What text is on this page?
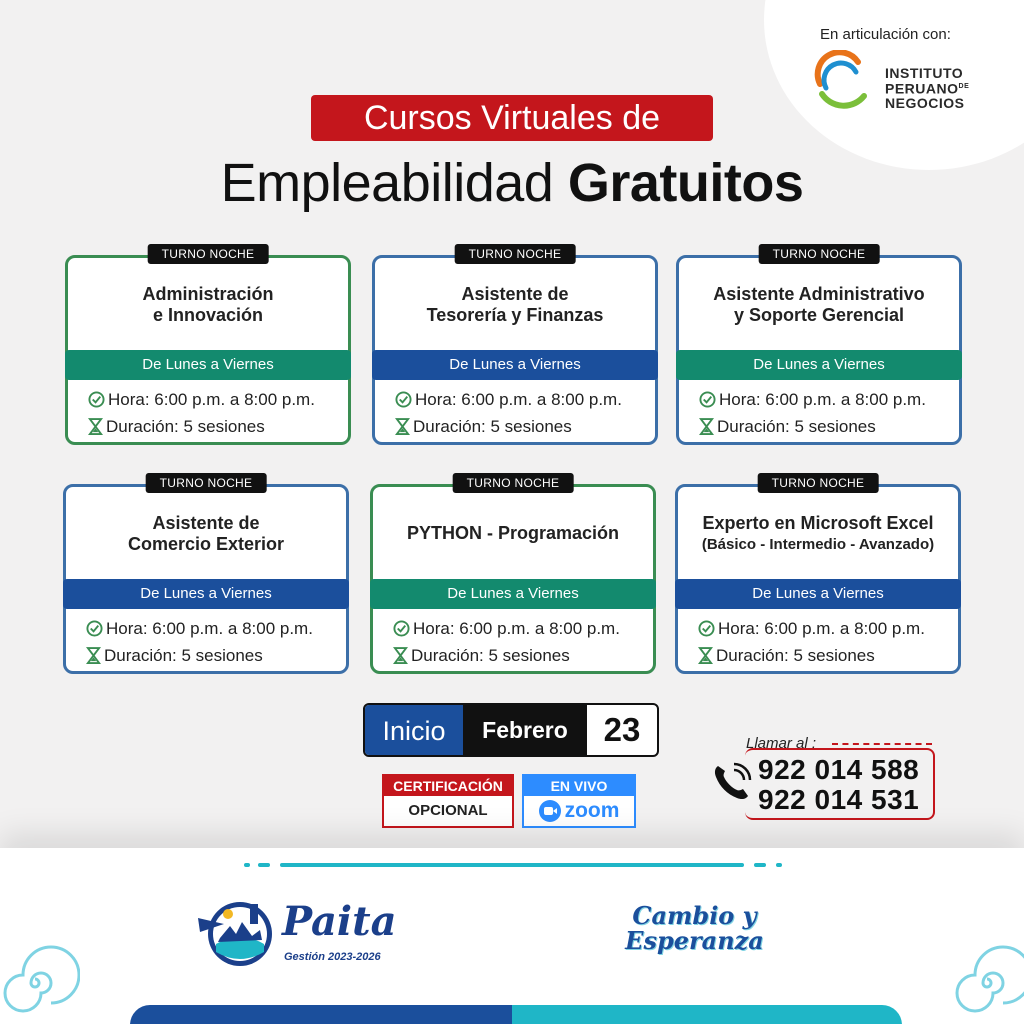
En articulación con:
INSTITUTO
$PERUANO^{DE}$
NEGOCIOS
Cursos Virtuales de
Empleabilidad Gratuitos
TURNO NOCHE
Administración
e Innovación
De Lunes a Viernes
Hora: 6:00 p.m. a 8:00 p.m.
Duración: 5 sesiones
TURNO NOCHE
Asistente de
Tesorería y Finanzas
De Lunes a Viernes
Hora: 6:00 p.m. a 8:00 p.m.
Duración: 5 sesiones
TURNO NOCHE
Asistente Administrativo
y Soporte Gerencial
De Lunes a Viernes
Hora: 6:00 p.m. a 8:00 p.m.
Duración: 5 sesiones
TURNO NOCHE
Asistente de
Comercio Exterior
De Lunes a Viernes
Hora: 6:00 p.m. a 8:00 p.m.
Duración: 5 sesiones
TURNO NOCHE
PYTHON - Programación
De Lunes a Viernes
Hora: 6:00 p.m. a 8:00 p.m.
Duración: 5 sesiones
TURNO NOCHE
Experto en Microsoft Excel
(Básico - Intermedio - Avanzado)
De Lunes a Viernes
Hora: 6:00 p.m. a 8:00 p.m.
Duración: 5 sesiones
Inicio	Febrero	23
CERTIFICACIÓN
OPCIONAL
EN VIVO
zoom
Llamar al :
922 014 588
922 014 531
Paita
Gestión 2023-2026
Cambio y
Esperanza
